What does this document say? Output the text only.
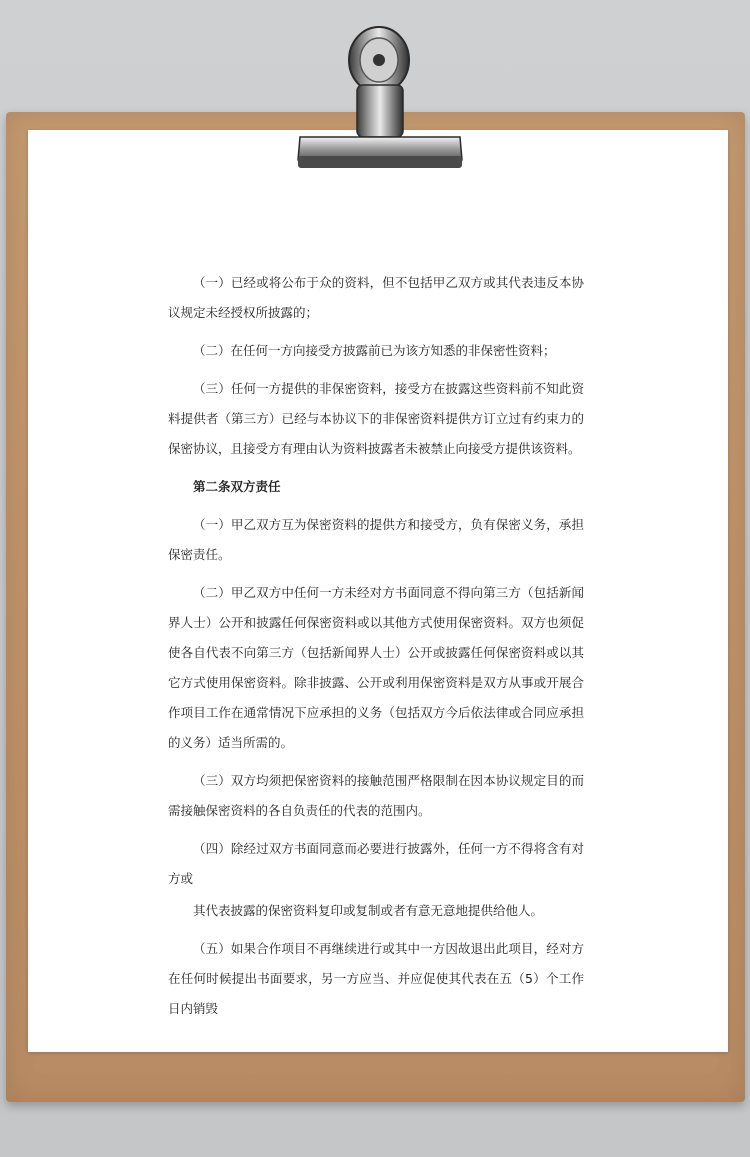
（一）已经或将公布于众的资料，但不包括甲乙双方或其代表违反本协议规定未经授权所披露的；

（二）在任何一方向接受方披露前已为该方知悉的非保密性资料；

（三）任何一方提供的非保密资料，接受方在披露这些资料前不知此资料提供者（第三方）已经与本协议下的非保密资料提供方订立过有约束力的保密协议，且接受方有理由认为资料披露者未被禁止向接受方提供该资料。

第二条双方责任

（一）甲乙双方互为保密资料的提供方和接受方，负有保密义务，承担保密责任。

（二）甲乙双方中任何一方未经对方书面同意不得向第三方（包括新闻界人士）公开和披露任何保密资料或以其他方式使用保密资料。双方也须促使各自代表不向第三方（包括新闻界人士）公开或披露任何保密资料或以其它方式使用保密资料。除非披露、公开或利用保密资料是双方从事或开展合作项目工作在通常情况下应承担的义务（包括双方今后依法律或合同应承担的义务）适当所需的。

（三）双方均须把保密资料的接触范围严格限制在因本协议规定目的而需接触保密资料的各自负责任的代表的范围内。

（四）除经过双方书面同意而必要进行披露外，任何一方不得将含有对方或

其代表披露的保密资料复印或复制或者有意无意地提供给他人。

（五）如果合作项目不再继续进行或其中一方因故退出此项目，经对方在任何时候提出书面要求，另一方应当、并应促使其代表在五（5）个工作日内销毁
